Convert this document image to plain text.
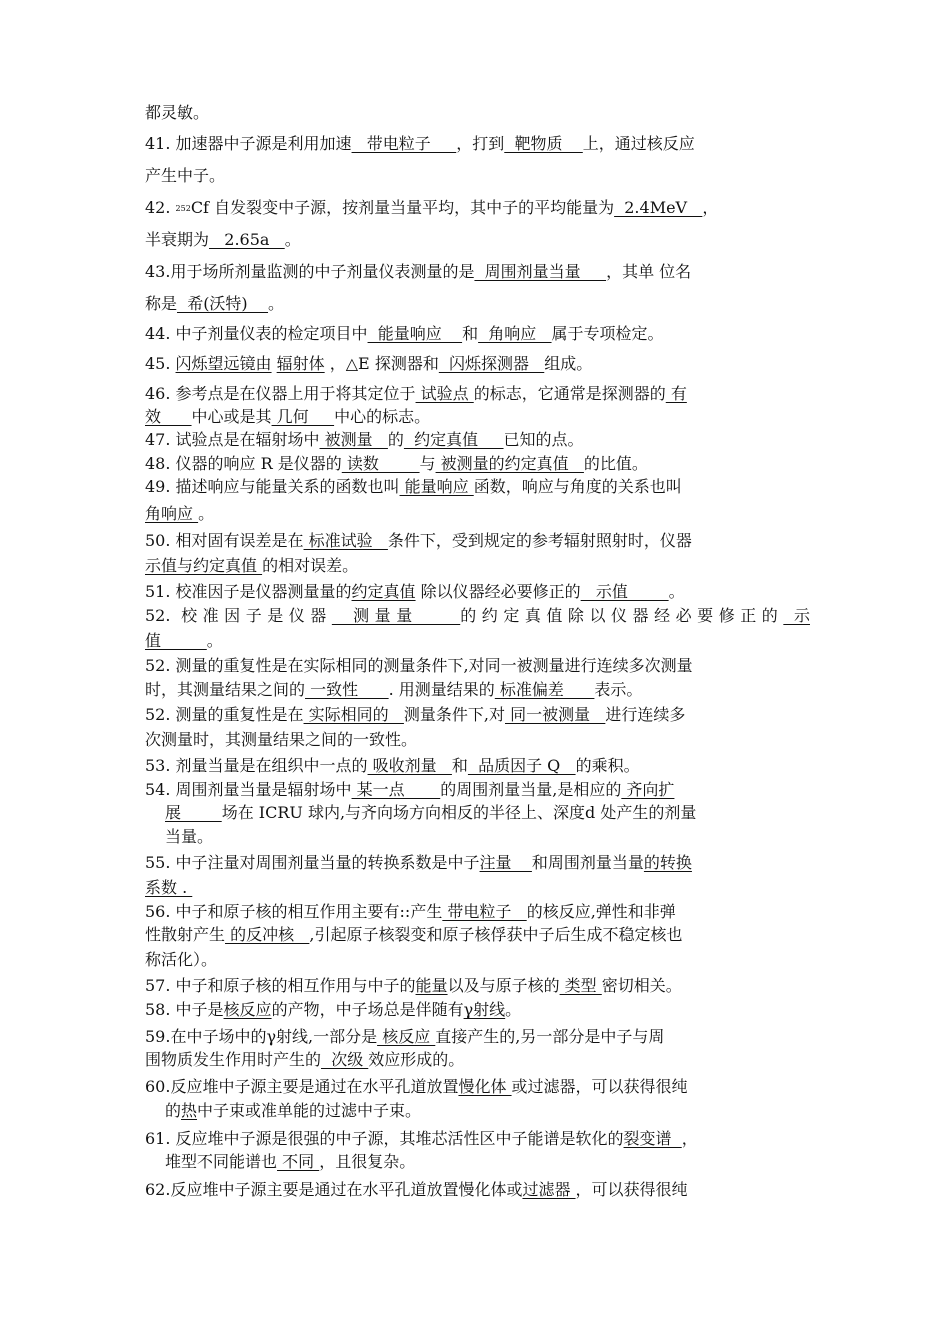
都灵敏。
41. 加速器中子源是利用加速   带电粒子     ，打到  靶物质    上，通过核反应
产生中子。
42. $^{252}$Cf 自发裂变中子源，按剂量当量平均，其中子的平均能量为  2.4MeV   ，
半衰期为   2.65a   。
43.用于场所剂量监测的中子剂量仪表测量的是  周围剂量当量     ，其单 位名
称是  希(沃特)    。
44. 中子剂量仪表的检定项目中  能量响应    和  角响应   属于专项检定。
45. 闪烁望远镜由 辐射体 ，△E 探测器和  闪烁探测器   组成。
46. 参考点是在仪器上用于将其定位于 试验点 的标志，它通常是探测器的 有
效      中心或是其 几何     中心的标志。
47. 试验点是在辐射场中 被测量   的  约定真值     已知的点。
48. 仪器的响应 R 是仪器的 读数        与 被测量的约定真值   的比值。
49. 描述响应与能量关系的函数也叫 能量响应 函数，响应与角度的关系也叫
角响应 。
50. 相对固有误差是在 标准试验   条件下，受到规定的参考辐射照射时，仪器
示值与约定真值 的相对误差。
51. 校准因子是仪器测量量的约定真值 除以仪器经必要修正的   示值        。
52. 校准因子是仪器  测量量    的约定真值除以仪器经必要修正的 示
值         。
52. 测量的重复性是在实际相同的测量条件下,对同一被测量进行连续多次测量
时，其测量结果之间的 一致性      . 用测量结果的 标准偏差      表示。
52. 测量的重复性是在 实际相同的   测量条件下,对 同一被测量   进行连续多
次测量时，其测量结果之间的一致性。
53. 剂量当量是在组织中一点的 吸收剂量   和  品质因子 Q   的乘积。
54. 周围剂量当量是辐射场中 某一点       的周围剂量当量,是相应的 齐向扩
展        场在 ICRU 球内,与齐向场方向相反的半径上、深度d 处产生的剂量
当量。
55. 中子注量对周围剂量当量的转换系数是中子注量    和周围剂量当量的转换
系数 .
56. 中子和原子核的相互作用主要有::产生 带电粒子   的核反应,弹性和非弹
性散射产生 的反冲核   ,引起原子核裂变和原子核俘获中子后生成不稳定核也
称活化）。
57. 中子和原子核的相互作用与中子的能量以及与原子核的 类型 密切相关。
58. 中子是核反应的产物，中子场总是伴随有γ射线。
59.在中子场中的γ射线,一部分是 核反应 直接产生的,另一部分是中子与周
围物质发生作用时产生的  次级 效应形成的。
60.反应堆中子源主要是通过在水平孔道放置慢化体 或过滤器，可以获得很纯
的热中子束或准单能的过滤中子束。
61. 反应堆中子源是很强的中子源，其堆芯活性区中子能谱是软化的裂变谱  ，
堆型不同能谱也 不同 ，且很复杂。
62.反应堆中子源主要是通过在水平孔道放置慢化体或过滤器 ，可以获得很纯
